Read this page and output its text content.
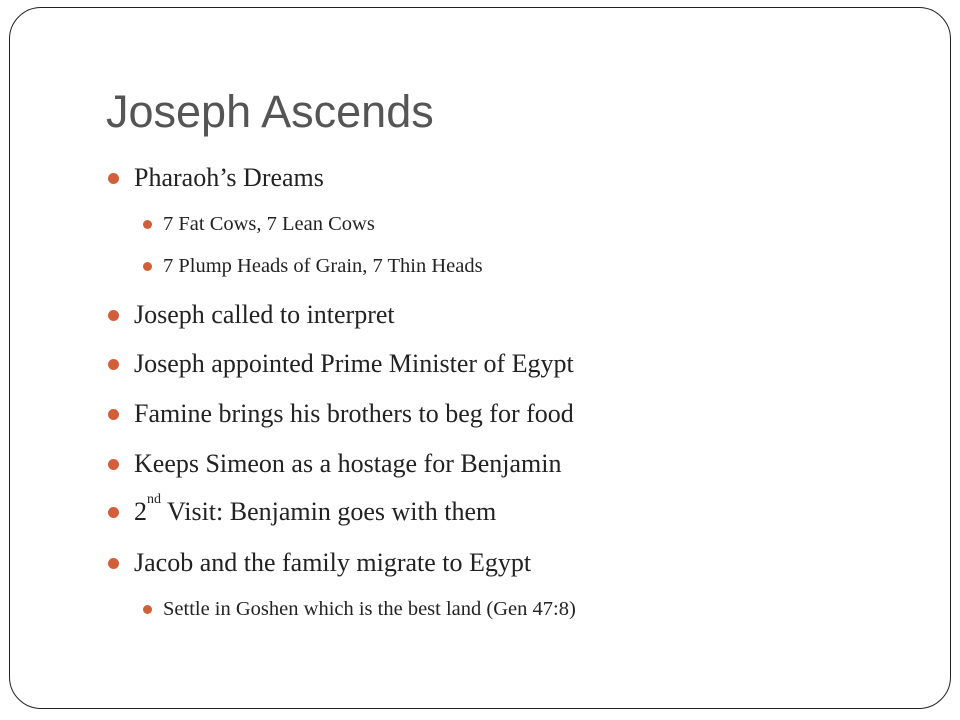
Joseph Ascends
Pharaoh’s Dreams
7 Fat Cows, 7 Lean Cows
7 Plump Heads of Grain, 7 Thin Heads
Joseph called to interpret
Joseph appointed Prime Minister of Egypt
Famine brings his brothers to beg for food
Keeps Simeon as a hostage for Benjamin
2nd Visit: Benjamin goes with them
Jacob and the family migrate to Egypt
Settle in Goshen which is the best land (Gen 47:8)
